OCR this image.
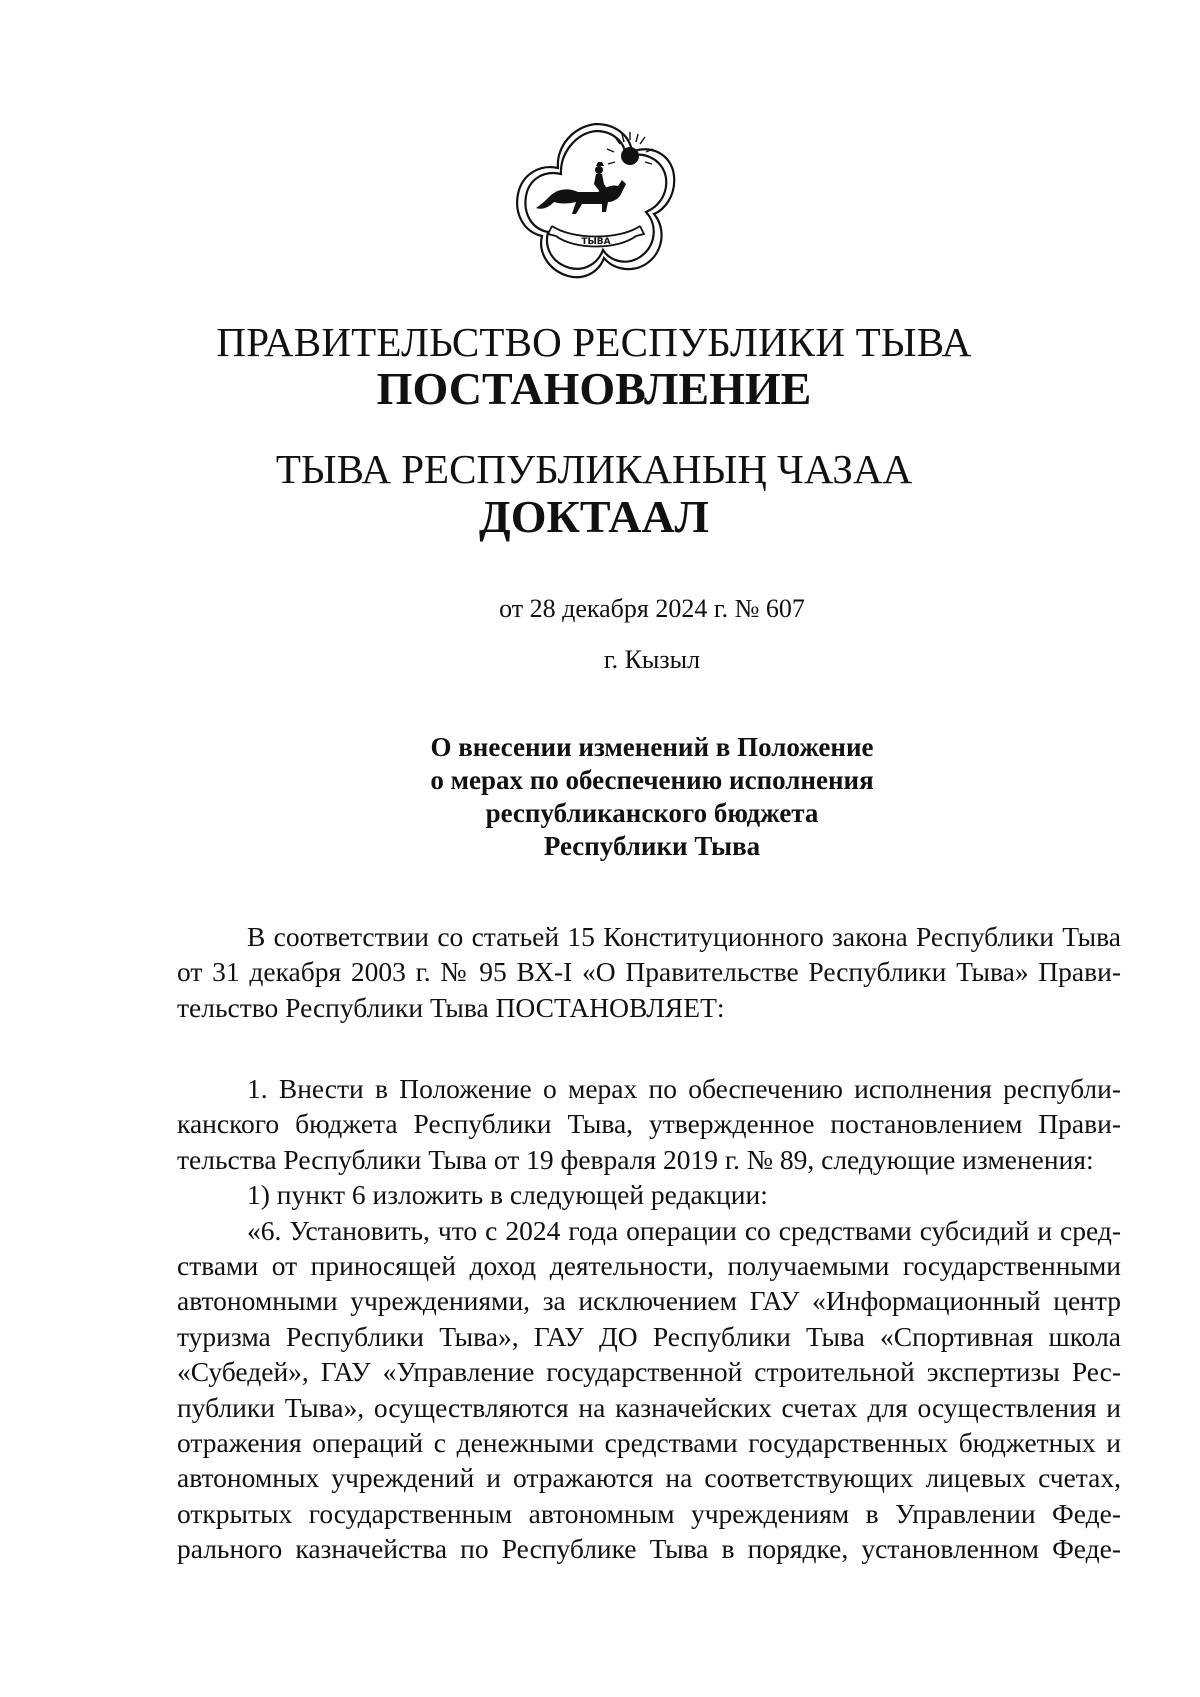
ТЫВА
ПРАВИТЕЛЬСТВО РЕСПУБЛИКИ ТЫВА
ПОСТАНОВЛЕНИЕ
ТЫВА РЕСПУБЛИКАНЫҢ ЧАЗАА
ДОКТААЛ
от 28 декабря 2024 г. № 607
г. Кызыл
О внесении изменений в Положение
о мерах по обеспечению исполнения
республиканского бюджета
Республики Тыва
В соответствии со статьей 15 Конституционного закона Республики Тыва
от 31 декабря 2003 г. № 95 ВХ-I «О Правительстве Республики Тыва» Прави-
тельство Республики Тыва ПОСТАНОВЛЯЕТ:
1. Внести в Положение о мерах по обеспечению исполнения республи-
канского бюджета Республики Тыва, утвержденное постановлением Прави-
тельства Республики Тыва от 19 февраля 2019 г. № 89, следующие изменения:
1) пункт 6 изложить в следующей редакции:
«6. Установить, что с 2024 года операции со средствами субсидий и сред-
ствами от приносящей доход деятельности, получаемыми государственными
автономными учреждениями, за исключением ГАУ «Информационный центр
туризма Республики Тыва», ГАУ ДО Республики Тыва «Спортивная школа
«Субедей», ГАУ «Управление государственной строительной экспертизы Рес-
публики Тыва», осуществляются на казначейских счетах для осуществления и
отражения операций с денежными средствами государственных бюджетных и
автономных учреждений и отражаются на соответствующих лицевых счетах,
открытых государственным автономным учреждениям в Управлении Феде-
рального казначейства по Республике Тыва в порядке, установленном Феде-
